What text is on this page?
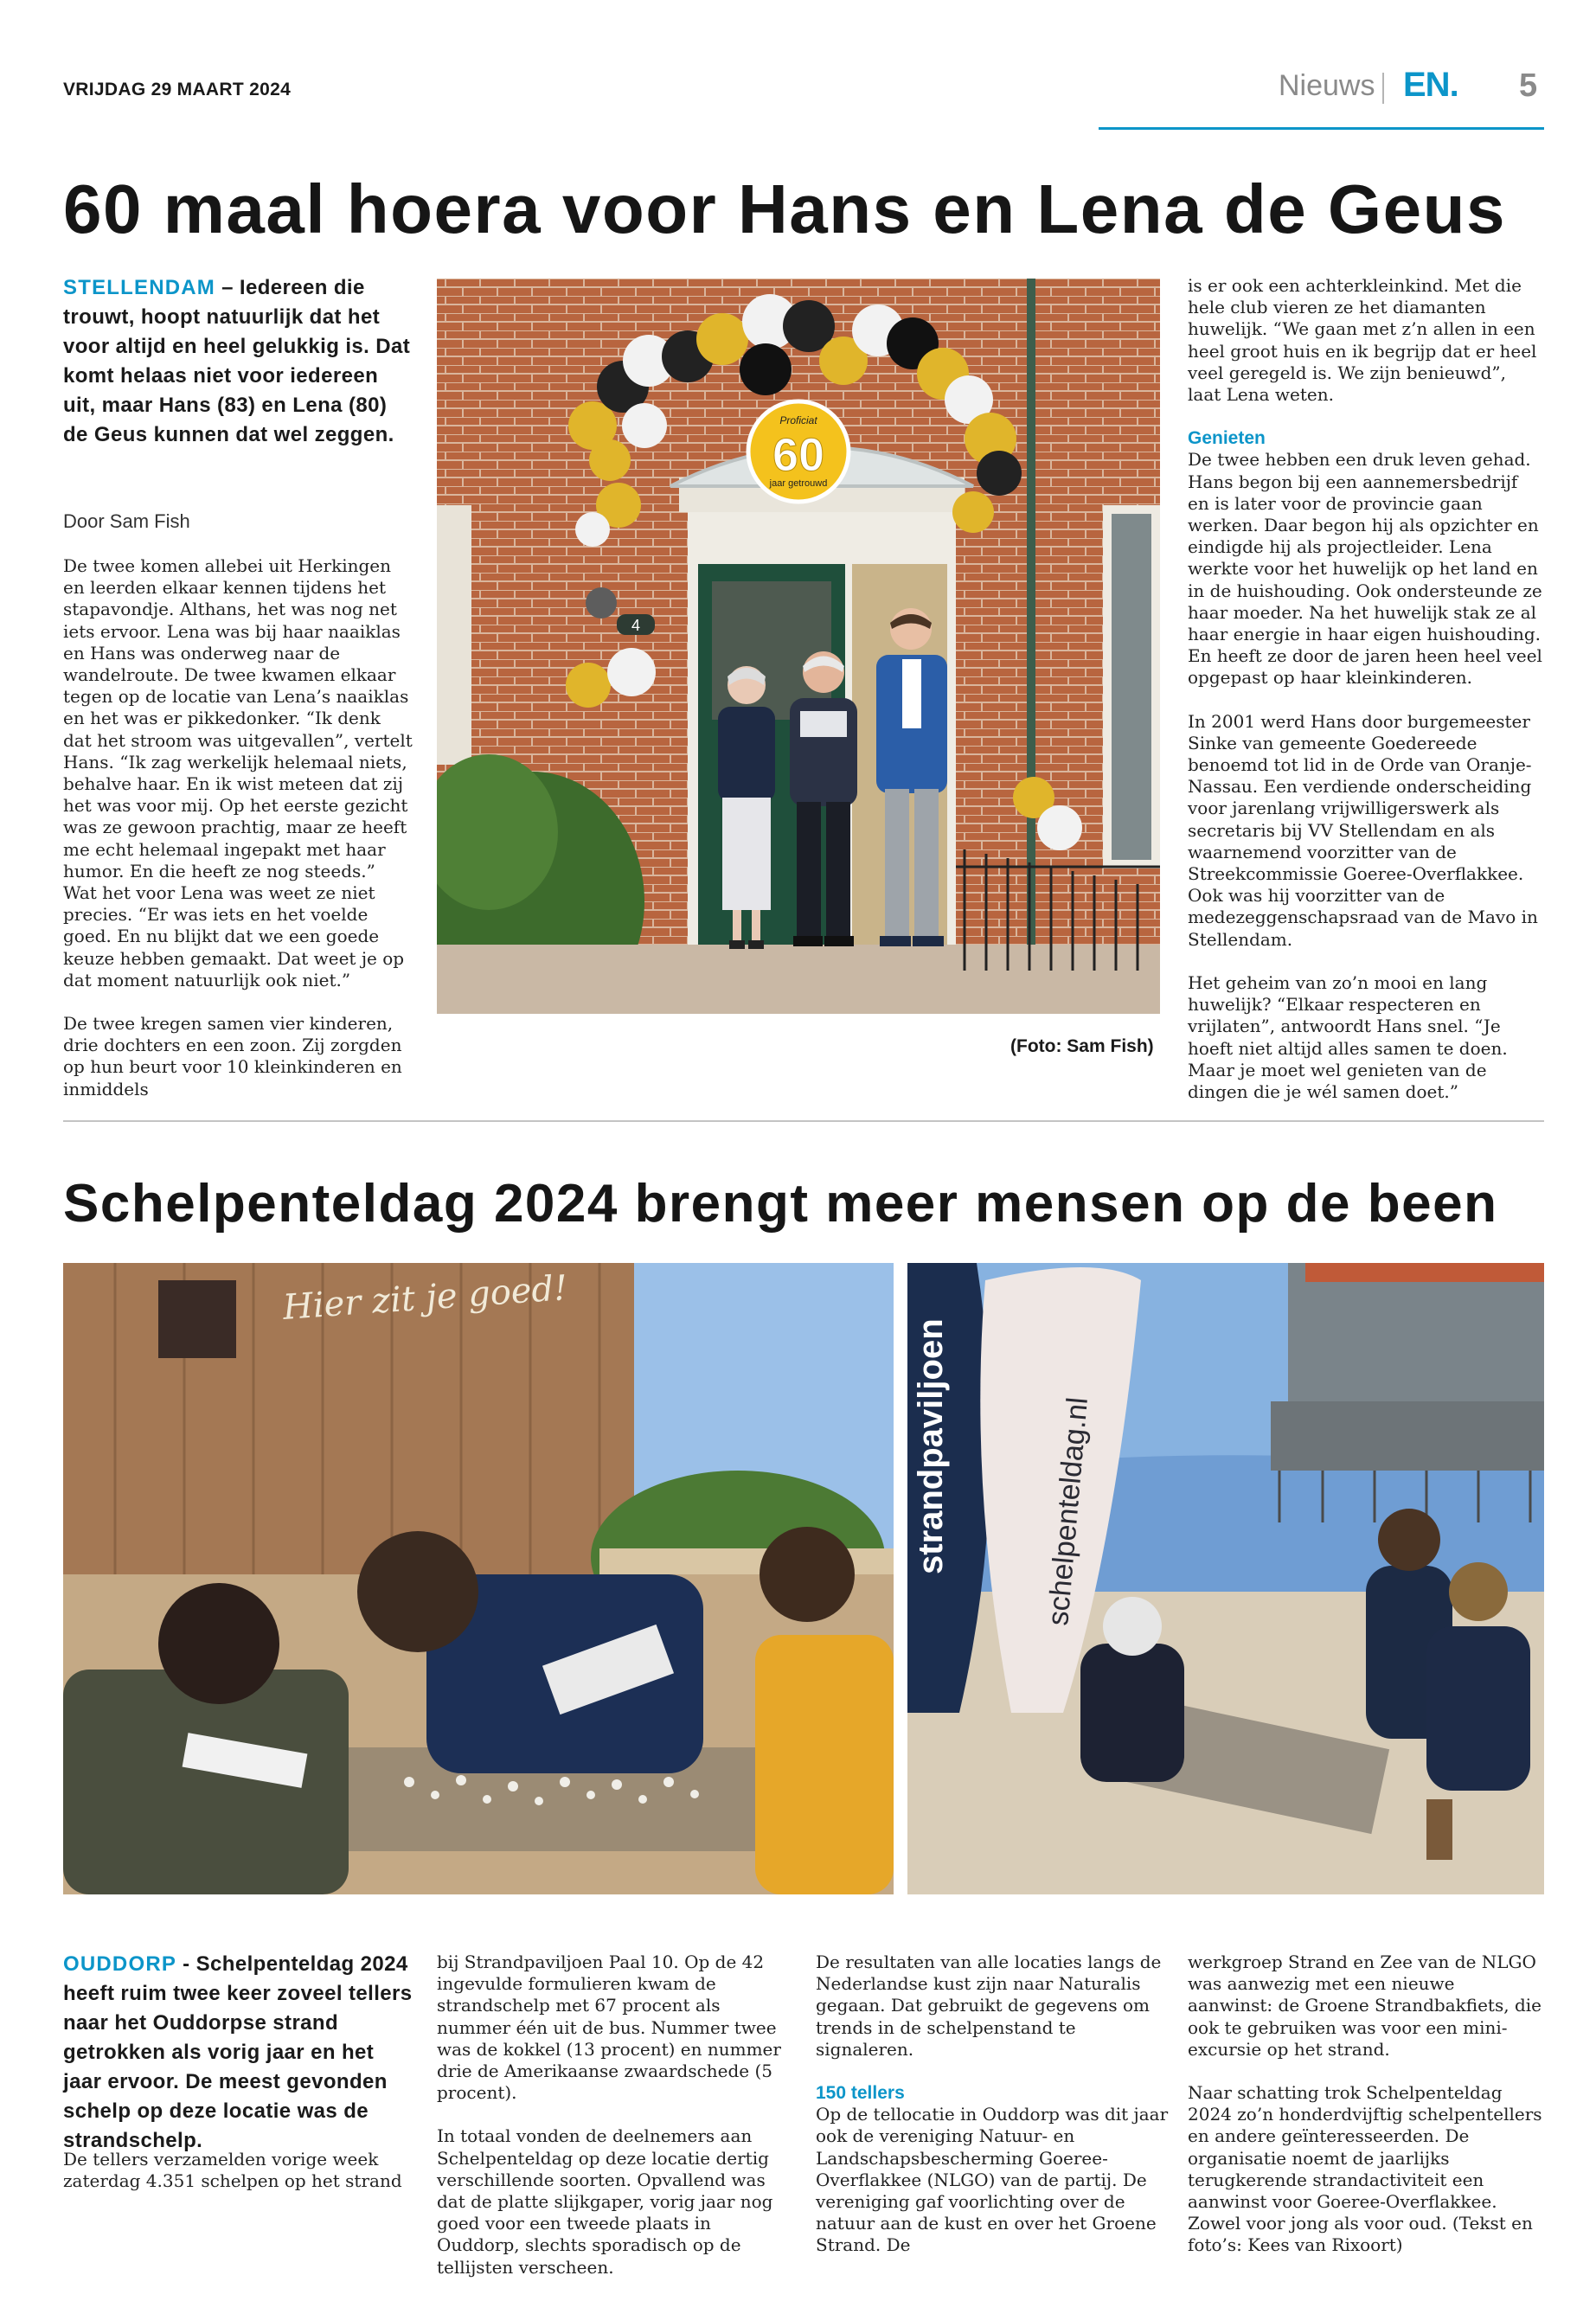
VRIJDAG 29 MAART 2024	Nieuws EN. 5
60 maal hoera voor Hans en Lena de Geus
STELLENDAM – Iedereen die trouwt, hoopt natuurlijk dat het voor altijd en heel gelukkig is. Dat komt helaas niet voor iedereen uit, maar Hans (83) en Lena (80) de Geus kunnen dat wel zeggen.
Door Sam Fish

De twee komen allebei uit Herkingen en leerden elkaar kennen tijdens het stapavondje. Althans, het was nog net iets ervoor. Lena was bij haar naaiklas en Hans was onderweg naar de wandelroute. De twee kwamen elkaar tegen op de locatie van Lena’s naaiklas en het was er pikkedonker. “Ik denk dat het stroom was uitgevallen”, vertelt Hans. “Ik zag werkelijk helemaal niets, behalve haar. En ik wist meteen dat zij het was voor mij. Op het eerste gezicht was ze gewoon prachtig, maar ze heeft me echt helemaal ingepakt met haar humor. En die heeft ze nog steeds.” Wat het voor Lena was weet ze niet precies. “Er was iets en het voelde goed. En nu blijkt dat we een goede keuze hebben gemaakt. Dat weet je op dat moment natuurlijk ook niet.”

De twee kregen samen vier kinderen, drie dochters en een zoon. Zij zorgden op hun beurt voor 10 kleinkinderen en inmiddels

Proficiat
60
jaar getrouwd
4
(Foto: Sam Fish)

is er ook een achterkleinkind. Met die hele club vieren ze het diamanten huwelijk. “We gaan met z’n allen in een heel groot huis en ik begrijp dat er heel veel geregeld is. We zijn benieuwd”, laat Lena weten.

Genieten

De twee hebben een druk leven gehad. Hans begon bij een aannemersbedrijf en is later voor de provincie gaan werken. Daar begon hij als opzichter en eindigde hij als projectleider. Lena werkte voor het huwelijk op het land en in de huishouding. Ook ondersteunde ze haar moeder. Na het huwelijk stak ze al haar energie in haar eigen huishouding. En heeft ze door de jaren heen heel veel opgepast op haar kleinkinderen.

In 2001 werd Hans door burgemeester Sinke van gemeente Goedereede benoemd tot lid in de Orde van Oranje-Nassau. Een verdiende onderscheiding voor jarenlang vrijwilligerswerk als secretaris bij VV Stellendam en als waarnemend voorzitter van de Streekcommissie Goeree-Overflakkee. Ook was hij voorzitter van de medezeggenschapsraad van de Mavo in Stellendam.

Het geheim van zo’n mooi en lang huwelijk? “Elkaar respecteren en vrijlaten”, antwoordt Hans snel. “Je hoeft niet altijd alles samen te doen. Maar je moet wel genieten van de dingen die je wél samen doet.”

Schelpenteldag 2024 brengt meer mensen op de been
Hier zit je goed!
strandpaviljoen	schelpenteldag.nl
OUDDORP - Schelpenteldag 2024 heeft ruim twee keer zoveel tellers naar het Ouddorpse strand getrokken als vorig jaar en het jaar ervoor. De meest gevonden schelp op deze locatie was de strandschelp.

De tellers verzamelden vorige week zaterdag 4.351 schelpen op het strand

bij Strandpaviljoen Paal 10. Op de 42 ingevulde formulieren kwam de strandschelp met 67 procent als nummer één uit de bus. Nummer twee was de kokkel (13 procent) en nummer drie de Amerikaanse zwaardschede (5 procent).

In totaal vonden de deelnemers aan Schelpenteldag op deze locatie dertig verschillende soorten. Opvallend was dat de platte slijkgaper, vorig jaar nog goed voor een tweede plaats in Ouddorp, slechts sporadisch op de tellijsten verscheen.

De resultaten van alle locaties langs de Nederlandse kust zijn naar Naturalis gegaan. Dat gebruikt de gegevens om trends in de schelpenstand te signaleren.

150 tellers

Op de tellocatie in Ouddorp was dit jaar ook de vereniging Natuur- en Landschapsbescherming Goeree-Overflakkee (NLGO) van de partij. De vereniging gaf voorlichting over de natuur aan de kust en over het Groene Strand. De

werkgroep Strand en Zee van de NLGO was aanwezig met een nieuwe aanwinst: de Groene Strandbakfiets, die ook te gebruiken was voor een mini-excursie op het strand.

Naar schatting trok Schelpenteldag 2024 zo’n honderdvijftig schelpentellers en andere geïnteresseerden. De organisatie noemt de jaarlijks terugkerende strandactiviteit een aanwinst voor Goeree-Overflakkee. Zowel voor jong als voor oud. (Tekst en foto’s: Kees van Rixoort)
